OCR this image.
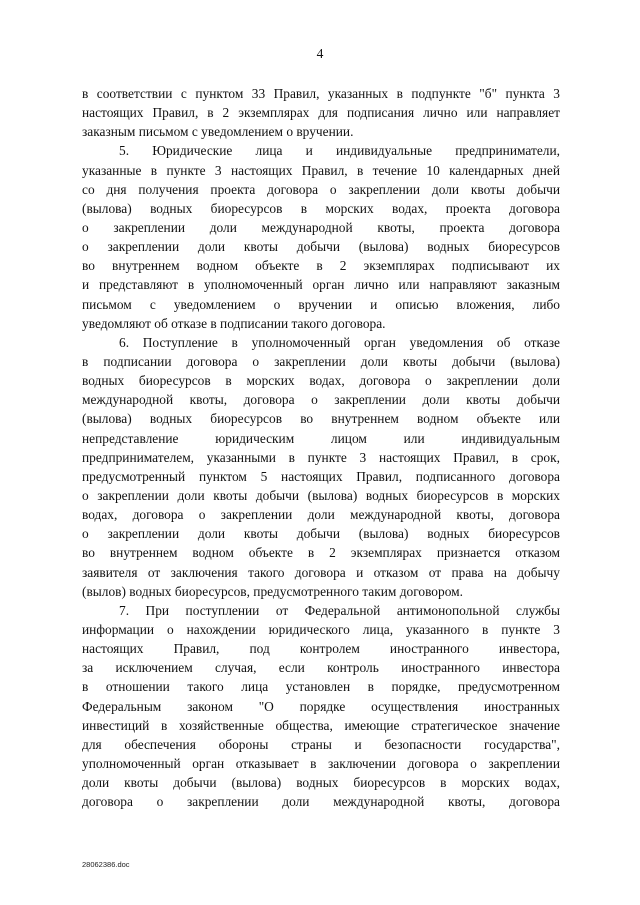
4
в соответствии с пунктом 33 Правил, указанных в подпункте "б" пункта 3
настоящих Правил, в 2 экземплярах для подписания лично или направляет
заказным письмом с уведомлением о вручении.
5. Юридические лица и индивидуальные предприниматели,
указанные в пункте 3 настоящих Правил, в течение 10 календарных дней
со дня получения проекта договора о закреплении доли квоты добычи
(вылова) водных биоресурсов в морских водах, проекта договора
о закреплении доли международной квоты, проекта договора
о закреплении доли квоты добычи (вылова) водных биоресурсов
во внутреннем водном объекте в 2 экземплярах подписывают их
и представляют в уполномоченный орган лично или направляют заказным
письмом с уведомлением о вручении и описью вложения, либо
уведомляют об отказе в подписании такого договора.
6. Поступление в уполномоченный орган уведомления об отказе
в подписании договора о закреплении доли квоты добычи (вылова)
водных биоресурсов в морских водах, договора о закреплении доли
международной квоты, договора о закреплении доли квоты добычи
(вылова) водных биоресурсов во внутреннем водном объекте или
непредставление юридическим лицом или индивидуальным
предпринимателем, указанными в пункте 3 настоящих Правил, в срок,
предусмотренный пунктом 5 настоящих Правил, подписанного договора
о закреплении доли квоты добычи (вылова) водных биоресурсов в морских
водах, договора о закреплении доли международной квоты, договора
о закреплении доли квоты добычи (вылова) водных биоресурсов
во внутреннем водном объекте в 2 экземплярах признается отказом
заявителя от заключения такого договора и отказом от права на добычу
(вылов) водных биоресурсов, предусмотренного таким договором.
7. При поступлении от Федеральной антимонопольной службы
информации о нахождении юридического лица, указанного в пункте 3
настоящих Правил, под контролем иностранного инвестора,
за исключением случая, если контроль иностранного инвестора
в отношении такого лица установлен в порядке, предусмотренном
Федеральным законом "О порядке осуществления иностранных
инвестиций в хозяйственные общества, имеющие стратегическое значение
для обеспечения обороны страны и безопасности государства",
уполномоченный орган отказывает в заключении договора о закреплении
доли квоты добычи (вылова) водных биоресурсов в морских водах,
договора о закреплении доли международной квоты, договора
28062386.doc
